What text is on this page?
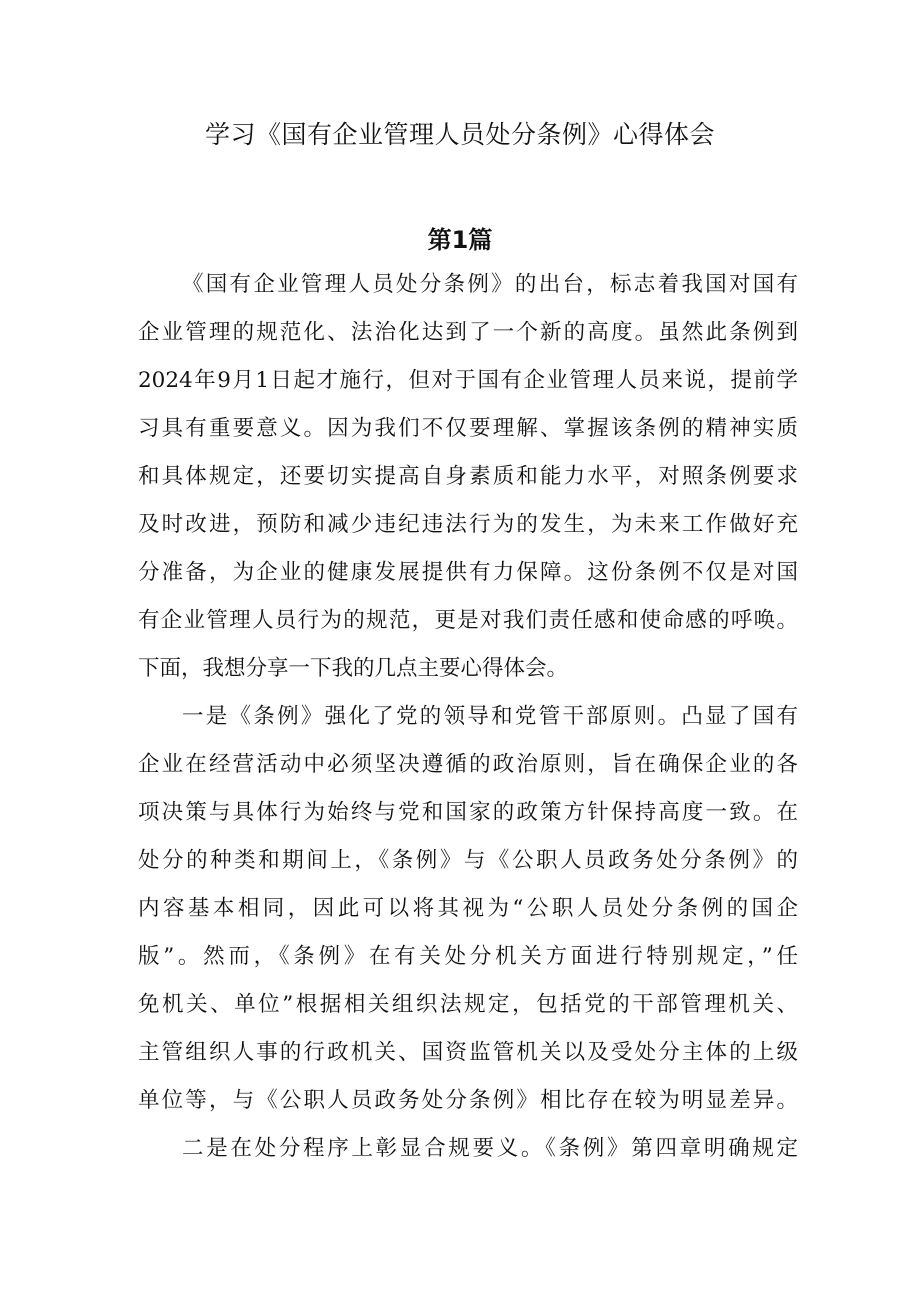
学习《国有企业管理人员处分条例》心得体会
第1篇
《国有企业管理人员处分条例》的出台，标志着我国对国有
企业管理的规范化、法治化达到了一个新的高度。虽然此条例到
2024年9月1日起才施行，但对于国有企业管理人员来说，提前学
习具有重要意义。因为我们不仅要理解、掌握该条例的精神实质
和具体规定，还要切实提高自身素质和能力水平，对照条例要求
及时改进，预防和减少违纪违法行为的发生，为未来工作做好充
分准备，为企业的健康发展提供有力保障。这份条例不仅是对国
有企业管理人员行为的规范，更是对我们责任感和使命感的呼唤。
下面，我想分享一下我的几点主要心得体会。
一是《条例》强化了党的领导和党管干部原则。凸显了国有
企业在经营活动中必须坚决遵循的政治原则，旨在确保企业的各
项决策与具体行为始终与党和国家的政策方针保持高度一致。在
处分的种类和期间上，《条例》与《公职人员政务处分条例》的
内容基本相同，因此可以将其视为“公职人员处分条例的国企
版”。然而，《条例》在有关处分机关方面进行特别规定，”任
免机关、单位”根据相关组织法规定，包括党的干部管理机关、
主管组织人事的行政机关、国资监管机关以及受处分主体的上级
单位等，与《公职人员政务处分条例》相比存在较为明显差异。
二是在处分程序上彰显合规要义。《条例》第四章明确规定
